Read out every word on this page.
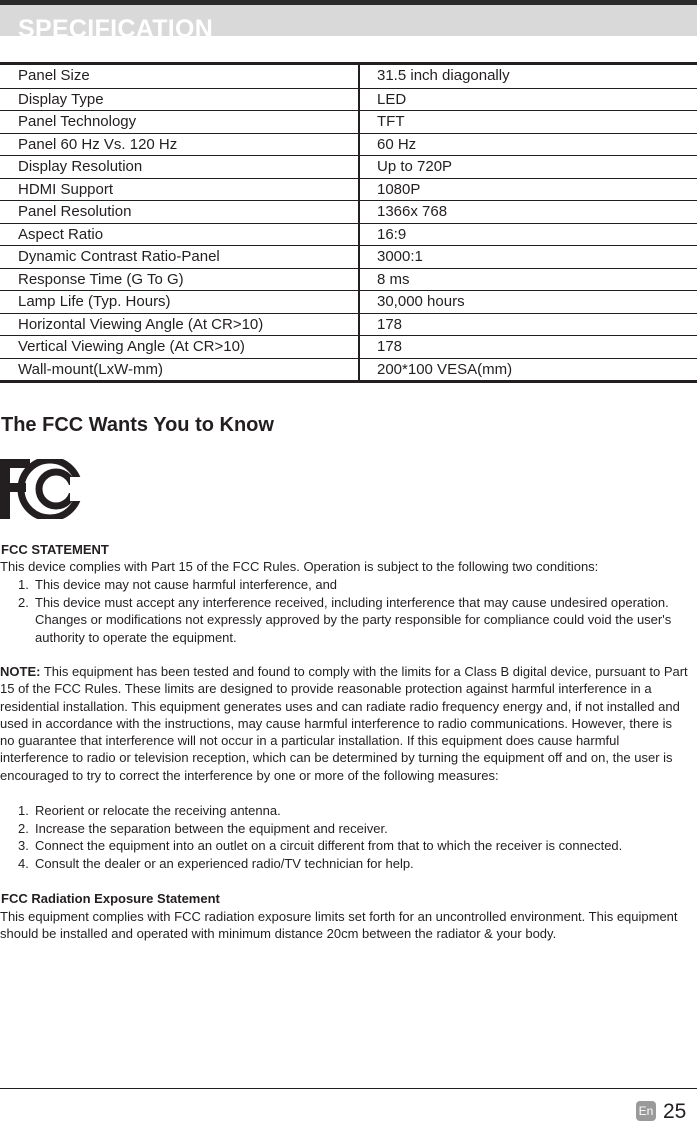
SPECIFICATION
Panel Size	31.5 inch diagonally
Display Type	LED
Panel Technology	TFT
Panel 60 Hz Vs. 120 Hz	60 Hz
Display Resolution	Up to 720P
HDMI Support	1080P
Panel Resolution	1366x 768
Aspect Ratio	16:9
Dynamic Contrast Ratio-Panel	3000:1
Response Time (G To G)	8 ms
Lamp Life (Typ. Hours)	30,000 hours
Horizontal Viewing Angle (At CR>10)	178
Vertical Viewing Angle (At CR>10)	178
Wall-mount(LxW-mm)	200*100 VESA(mm)
The FCC Wants You to Know
FCC STATEMENT
This device complies with Part 15 of the FCC Rules. Operation is subject to the following two conditions:
1. This device may not cause harmful interference, and
2. This device must accept any interference received, including interference that may cause undesired operation. Changes or modifications not expressly approved by the party responsible for compliance could void the user's authority to operate the equipment.
NOTE: This equipment has been tested and found to comply with the limits for a Class B digital device, pursuant to Part 15 of the FCC Rules. These limits are designed to provide reasonable protection against harmful interference in a residential installation. This equipment generates uses and can radiate radio frequency energy and, if not installed and used in accordance with the instructions, may cause harmful interference to radio communications. However, there is no guarantee that interference will not occur in a particular installation. If this equipment does cause harmful interference to radio or television reception, which can be determined by turning the equipment off and on, the user is encouraged to try to correct the interference by one or more of the following measures:
1. Reorient or relocate the receiving antenna.
2. Increase the separation between the equipment and receiver.
3. Connect the equipment into an outlet on a circuit different from that to which the receiver is connected.
4. Consult the dealer or an experienced radio/TV technician for help.
FCC Radiation Exposure Statement
This equipment complies with FCC radiation exposure limits set forth for an uncontrolled environment. This equipment should be installed and operated with minimum distance 20cm between the radiator & your body.
En 25
